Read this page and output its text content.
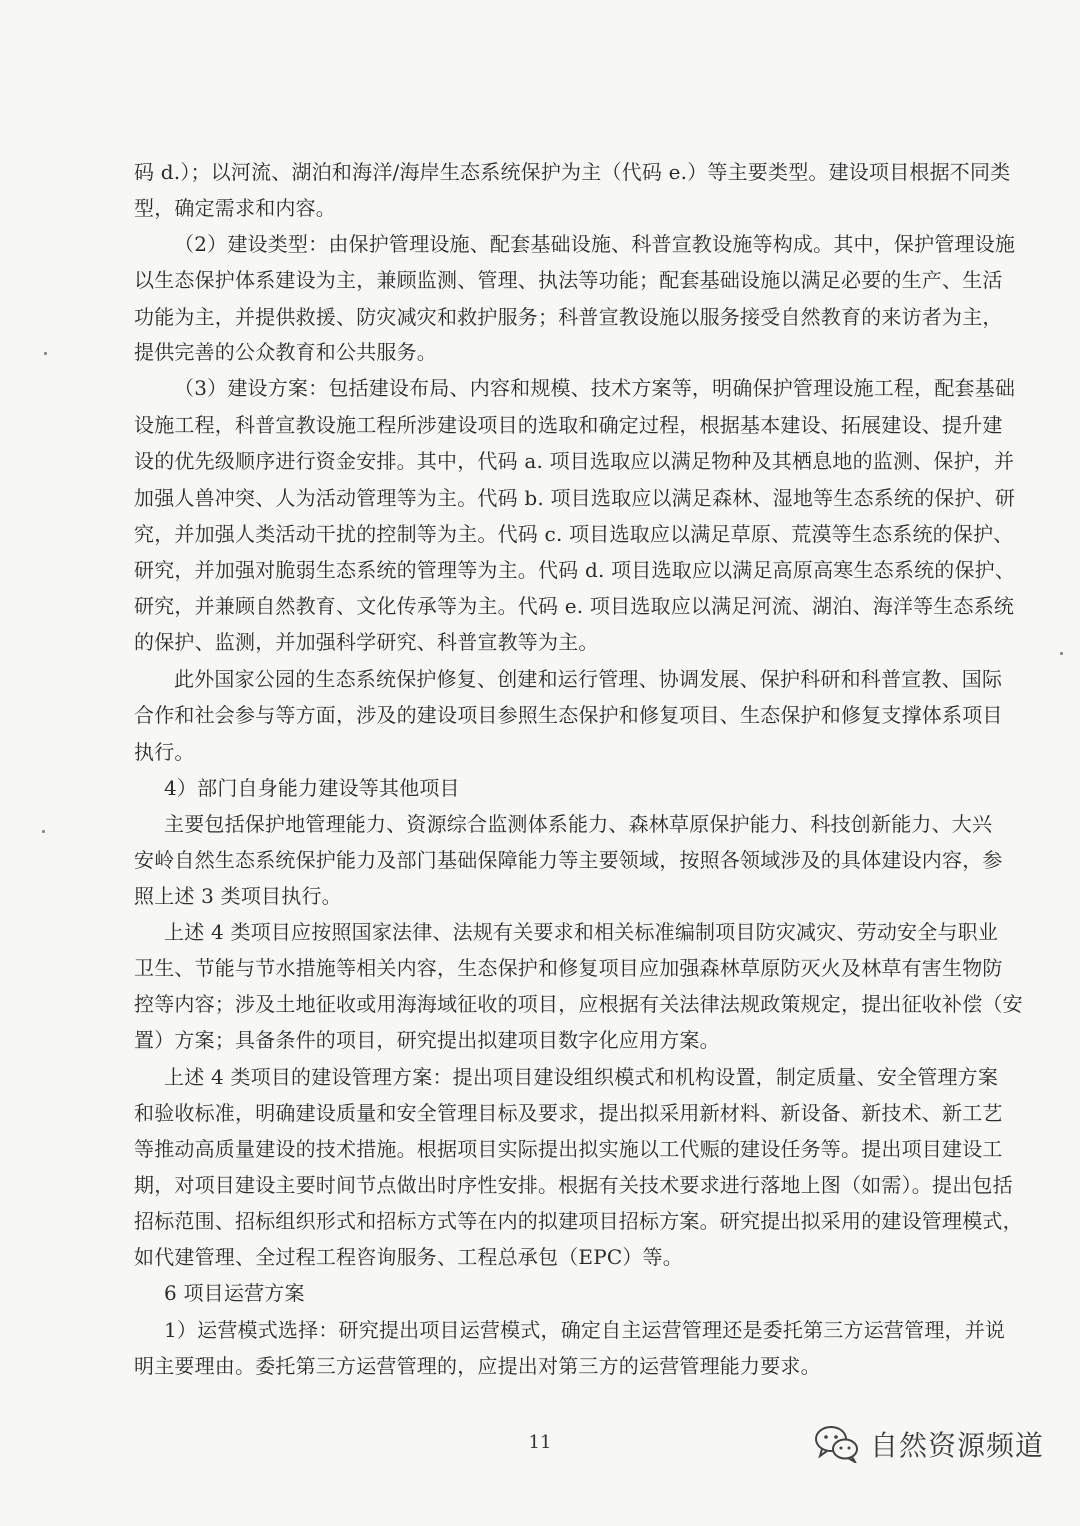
码 d.）；以河流、湖泊和海洋/海岸生态系统保护为主（代码 e.）等主要类型。建设项目根据不同类
型，确定需求和内容。
（2）建设类型：由保护管理设施、配套基础设施、科普宣教设施等构成。其中，保护管理设施
以生态保护体系建设为主，兼顾监测、管理、执法等功能；配套基础设施以满足必要的生产、生活
功能为主，并提供救援、防灾减灾和救护服务；科普宣教设施以服务接受自然教育的来访者为主，
提供完善的公众教育和公共服务。
（3）建设方案：包括建设布局、内容和规模、技术方案等，明确保护管理设施工程，配套基础
设施工程，科普宣教设施工程所涉建设项目的选取和确定过程，根据基本建设、拓展建设、提升建
设的优先级顺序进行资金安排。其中，代码 a. 项目选取应以满足物种及其栖息地的监测、保护，并
加强人兽冲突、人为活动管理等为主。代码 b. 项目选取应以满足森林、湿地等生态系统的保护、研
究，并加强人类活动干扰的控制等为主。代码 c. 项目选取应以满足草原、荒漠等生态系统的保护、
研究，并加强对脆弱生态系统的管理等为主。代码 d. 项目选取应以满足高原高寒生态系统的保护、
研究，并兼顾自然教育、文化传承等为主。代码 e. 项目选取应以满足河流、湖泊、海洋等生态系统
的保护、监测，并加强科学研究、科普宣教等为主。
此外国家公园的生态系统保护修复、创建和运行管理、协调发展、保护科研和科普宣教、国际
合作和社会参与等方面，涉及的建设项目参照生态保护和修复项目、生态保护和修复支撑体系项目
执行。
4）部门自身能力建设等其他项目
主要包括保护地管理能力、资源综合监测体系能力、森林草原保护能力、科技创新能力、大兴
安岭自然生态系统保护能力及部门基础保障能力等主要领域，按照各领域涉及的具体建设内容，参
照上述 3 类项目执行。
上述 4 类项目应按照国家法律、法规有关要求和相关标准编制项目防灾减灾、劳动安全与职业
卫生、节能与节水措施等相关内容，生态保护和修复项目应加强森林草原防灭火及林草有害生物防
控等内容；涉及土地征收或用海海域征收的项目，应根据有关法律法规政策规定，提出征收补偿（安
置）方案；具备条件的项目，研究提出拟建项目数字化应用方案。
上述 4 类项目的建设管理方案：提出项目建设组织模式和机构设置，制定质量、安全管理方案
和验收标准，明确建设质量和安全管理目标及要求，提出拟采用新材料、新设备、新技术、新工艺
等推动高质量建设的技术措施。根据项目实际提出拟实施以工代赈的建设任务等。提出项目建设工
期，对项目建设主要时间节点做出时序性安排。根据有关技术要求进行落地上图（如需）。提出包括
招标范围、招标组织形式和招标方式等在内的拟建项目招标方案。研究提出拟采用的建设管理模式，
如代建管理、全过程工程咨询服务、工程总承包（EPC）等。
6 项目运营方案
1）运营模式选择：研究提出项目运营模式，确定自主运营管理还是委托第三方运营管理，并说
明主要理由。委托第三方运营管理的，应提出对第三方的运营管理能力要求。
11	自然资源频道
